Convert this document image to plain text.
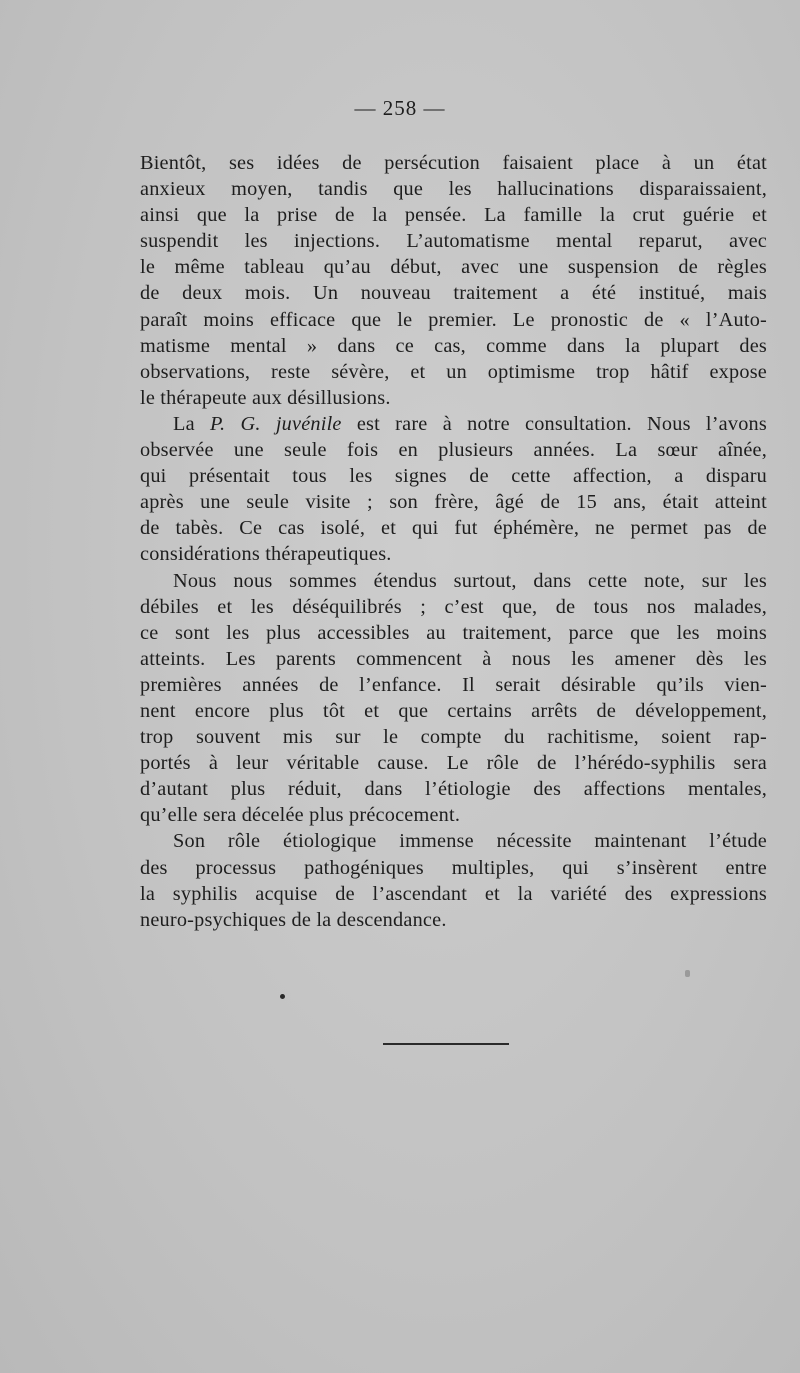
— 258 —
Bientôt, ses idées de persécution faisaient place à un état
anxieux moyen, tandis que les hallucinations disparaissaient,
ainsi que la prise de la pensée. La famille la crut guérie et
suspendit les injections. L’automatisme mental reparut, avec
le même tableau qu’au début, avec une suspension de règles
de deux mois. Un nouveau traitement a été institué, mais
paraît moins efficace que le premier. Le pronostic de « l’Auto-
matisme mental » dans ce cas, comme dans la plupart des
observations, reste sévère, et un optimisme trop hâtif expose
le thérapeute aux désillusions.
La P. G. juvénile est rare à notre consultation. Nous l’avons
observée une seule fois en plusieurs années. La sœur aînée,
qui présentait tous les signes de cette affection, a disparu
après une seule visite ; son frère, âgé de 15 ans, était atteint
de tabès. Ce cas isolé, et qui fut éphémère, ne permet pas de
considérations thérapeutiques.
Nous nous sommes étendus surtout, dans cette note, sur les
débiles et les déséquilibrés ; c’est que, de tous nos malades,
ce sont les plus accessibles au traitement, parce que les moins
atteints. Les parents commencent à nous les amener dès les
premières années de l’enfance. Il serait désirable qu’ils vien-
nent encore plus tôt et que certains arrêts de développement,
trop souvent mis sur le compte du rachitisme, soient rap-
portés à leur véritable cause. Le rôle de l’hérédo-syphilis sera
d’autant plus réduit, dans l’étiologie des affections mentales,
qu’elle sera décelée plus précocement.
Son rôle étiologique immense nécessite maintenant l’étude
des processus pathogéniques multiples, qui s’insèrent entre
la syphilis acquise de l’ascendant et la variété des expressions
neuro-psychiques de la descendance.
